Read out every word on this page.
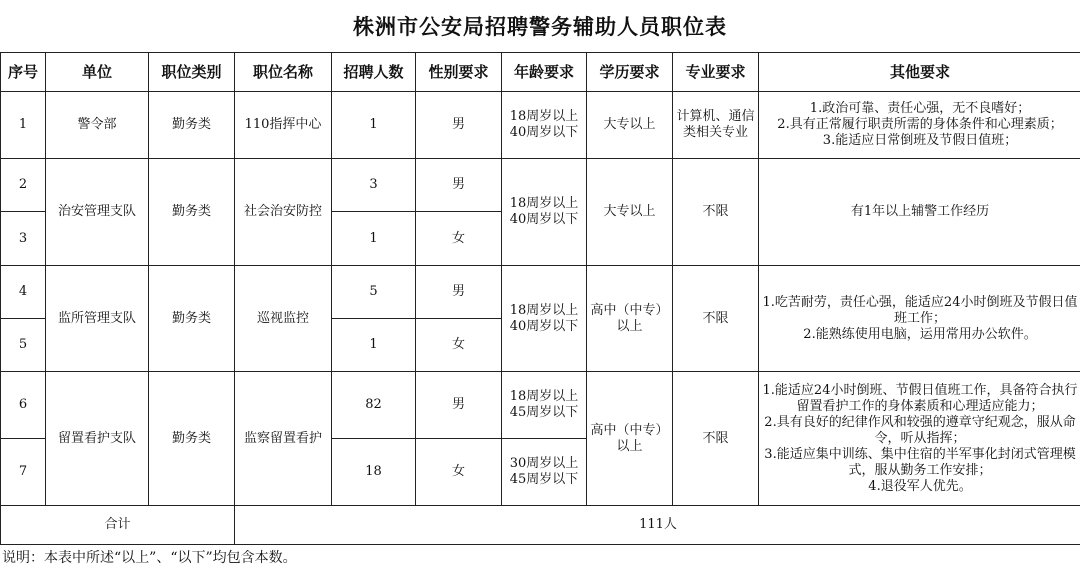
株洲市公安局招聘警务辅助人员职位表
序号	单位	职位类别	职位名称	招聘人数	性别要求	年龄要求	学历要求	专业要求	其他要求
1	警令部	勤务类	110指挥中心	1	男	18周岁以上40周岁以下	大专以上	计算机、通信类相关专业	1.政治可靠、责任心强，无不良嗜好；
2.具有正常履行职责所需的身体条件和心理素质；
3.能适应日常倒班及节假日值班；
2	治安管理支队	勤务类	社会治安防控	3	男	18周岁以上40周岁以下	大专以上	不限	有1年以上辅警工作经历
3				1	女				
4	监所管理支队	勤务类	巡视监控	5	男	18周岁以上40周岁以下	高中（中专）以上	不限	1.吃苦耐劳，责任心强，能适应24小时倒班及节假日值班工作；
2.能熟练使用电脑，运用常用办公软件。
5				1	女				
6	留置看护支队	勤务类	监察留置看护	82	男	18周岁以上45周岁以下	高中（中专）以上	不限	1.能适应24小时倒班、节假日值班工作，具备符合执行留置看护工作的身体素质和心理适应能力；
2.具有良好的纪律作风和较强的遵章守纪观念，服从命令，听从指挥；
3.能适应集中训练、集中住宿的半军事化封闭式管理模式，服从勤务工作安排；
4.退役军人优先。
7				18	女	30周岁以上45周岁以下			
合计			111人						
说明：本表中所述“以上”、“以下”均包含本数。
